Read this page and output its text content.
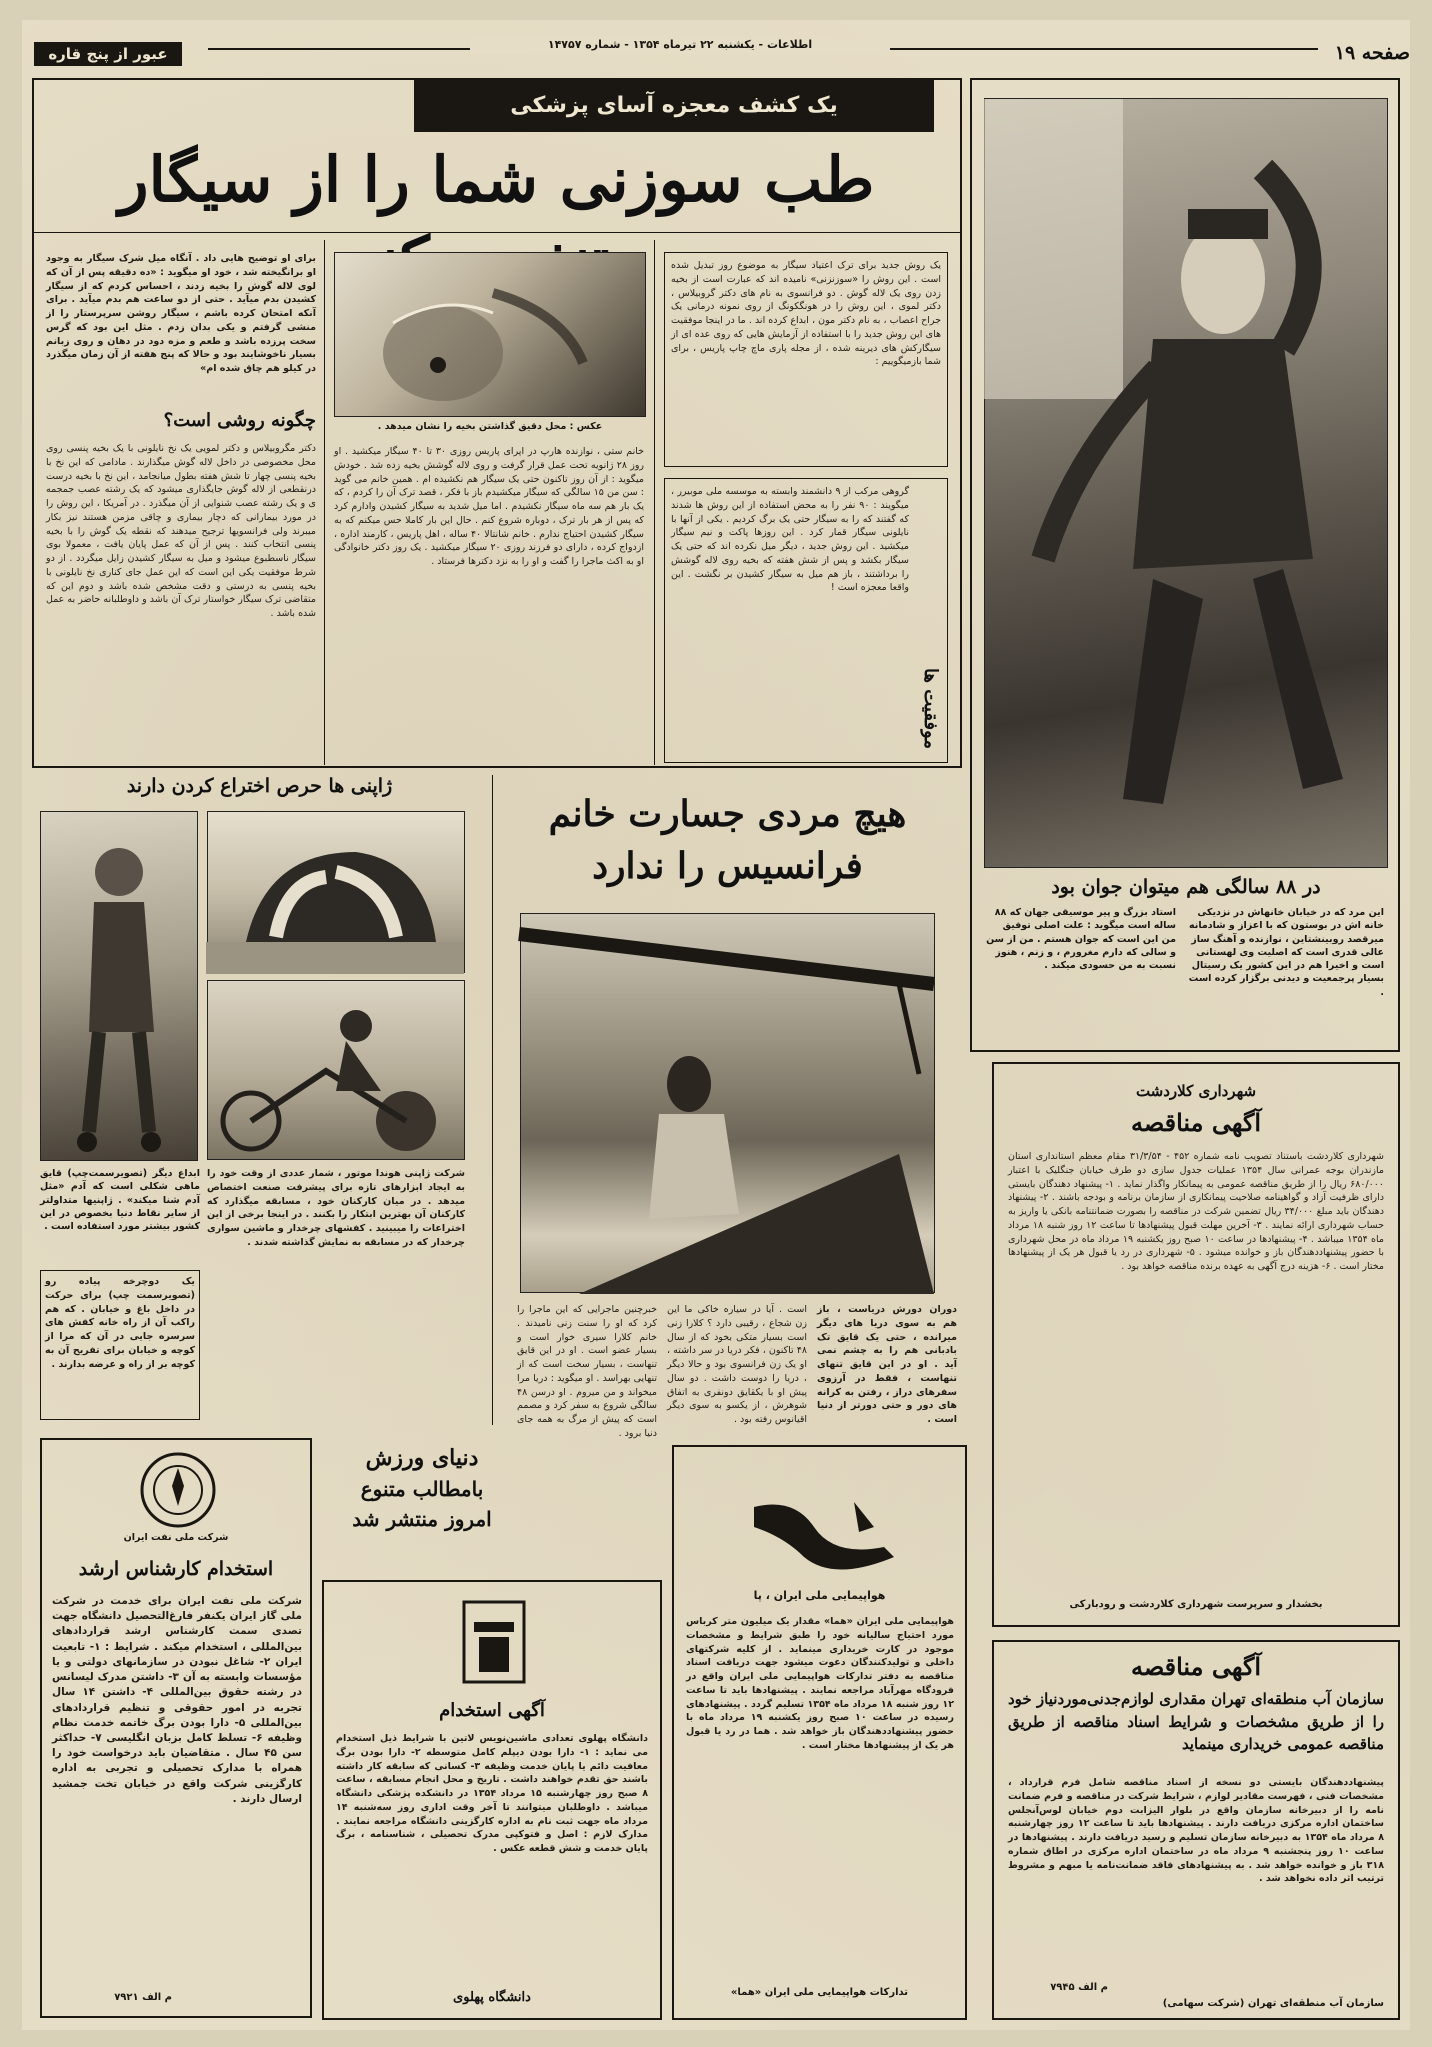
صفحه ۱۹
اطلاعات - یکشنبه ۲۲ تیرماه ۱۳۵۴ - شماره ۱۴۷۵۷
عبور از پنج قاره
یک کشف معجزه آسای پزشکی
طب سوزنی شما را از سیگار
یک روش جدید برای ترک اعتیاد سیگار به موضوع روز تبدیل شده است . این روش را «سوزنزنی» نامیده اند که عبارت است از بخیه زدن روی یک لاله گوش . دو فرانسوی به نام های دکتر گروبیلاس ، دکتر لموی ، این روش را در هونگکونگ از روی نمونه درمانی یک جراح اعصاب ، به نام دکتر مون ، ابداع کرده اند . ما در اینجا موفقیت های این روش جدید را با استفاده از آزمایش هایی که روی عده ای از سیگارکش های دیرینه شده ، از مجله پاری ماچ چاپ پاریس ، برای شما بازمیگوییم :
عکس : محل دقیق گذاشتن بخیه را نشان میدهد .
برای او توضیح هایی داد . آنگاه میل شرک سیگار به وجود او برانگیخته شد ، خود او میگوید : «ده دقیقه پس از آن که لوی لاله گوش را بخیه زدند ، احساس کردم که از سیگار کشیدن بدم میآید . حتی از دو ساعت هم بدم میآید . برای آنکه امتحان کرده باشم ، سیگار روشن سرپرستار را از منشی گرفتم و یکی بدان زدم . مثل این بود که گرس سخت پرزده باشد و طعم و مزه دود در دهان و روی زبانم بسیار ناخوشایند بود و حالا که پنج هفته از آن زمان میگذرد در کیلو هم چاق شده ام»
چگونه روشی است؟
دکتر مگروبیلاس و دکتر لمویی یک نخ نایلونی با یک بخیه پنسی روی محل مخصوصی در داخل لاله گوش میگذارند . مادامی که این نخ با بخیه پنسی چهار تا شش هفته بطول میانجامد ، این نخ با بخیه درست درنقطعی از لاله گوش جایگذاری میشود که یک رشته عصب جمجمه ی و یک رشته عصب شنوایی از آن میگذرد . در آمریکا ، این روش را در مورد بیمارانی که دچار بیماری و چاقی مزمن هستند نیز بکار میبرند ولی فرانسویها ترجیح میدهند که نقطه یک گوش را با بخیه پنسی انتخاب کنند . پس از آن که عمل پایان یافت ، معمولا بوی سیگار ناسطبوع میشود و میل به سیگار کشیدن زایل میگردد . از دو شرط موفقیت یکی این است که این عمل جای کناری نخ نایلونی با بخیه پنسی به درستی و دقت مشخص شده باشد و دوم این که متقاضی ترک سیگار خواستار ترک آن باشد و داوطلبانه حاضر به عمل شده باشد .
خانم ستی ، نوازنده هارپ در اپرای پاریس روزی ۳۰ تا ۴۰ سیگار میکشید . او روز ۲۸ ژانویه تحت عمل قرار گرفت و روی لاله گوشش بخیه زده شد . خودش میگوید : از آن روز تاکنون حتی یک سیگار هم نکشیده ام . همین خانم می گوید : سن من ۱۵ سالگی که سیگار میکشیدم باز با فکر ، قصد ترک آن را کردم ، که یک بار هم سه ماه سیگار نکشیدم . اما میل شدید به سیگار کشیدن وادارم کرد که پس از هر بار ترک ، دوباره شروع کنم . حال این بار کاملا حس میکنم که به سیگار کشیدن احتیاج ندارم . خانم شانتالا ۴۰ ساله ، اهل پاریس ، کارمند اداره ، ازدواج کرده ، دارای دو فرزند روزی ۲۰ سیگار میکشید . یک روز دکتر خانوادگی او به اکث ماجرا را گفت و او را به نزد دکترها فرستاد .
موفقیت ها
گروهی مرکب از ۹ دانشمند وابسته به موسسه ملی موبیرر ، میگویند : ۹۰ نفر را به محض استفاده از این روش ها شدند که گفتند که را به سیگار حتی یک برگ کردیم . یکی از آنها با نایلونی سیگار قمار کرد . این روزها پاکت و نیم سیگار میکشید . این روش جدید ، دیگر میل نکرده اند که حتی یک سیگار بکشد و پس از شش هفته که بخیه روی لاله گوشش را برداشتند ، باز هم میل به سیگار کشیدن بر نگشت . این واقعا معجزه است !
در ۸۸ سالگی هم میتوان جوان بود
این مرد که در خیابان خانهاش در نزدیکی خانه اش در بوستون که با اعزاز و شادمانه میرقصد روبینشتاین ، نوازنده و آهنگ ساز عالی قدری است که اصلیت وی لهستانی است و اخیرا هم در این کشور یک رسیتال بسیار پرجمعیت و دیدنی برگزار کرده است .
استاد بزرگ و پیر موسیقی جهان که ۸۸ ساله است میگوید : علت اصلی توفیق من این است که جوان هستم . من از سن و سالی که دارم مغرورم ، و زنم ، هنوز نسبت به من حسودی میکند .
ژاپنی ها حرص اختراع کردن دارند
ابداع دیگر (تصویرسمت‌چپ) قایق ماهی شکلی است که آدم «مثل آدم شنا میکند» . ژاپنیها متداولتر از سایر نقاط دنیا بخصوص در این کشور بیشتر مورد استفاده است .
شرکت ژاپنی هوندا موتور ، شمار عددی از وقت خود را به ایجاد ابزارهای تازه برای پیشرفت صنعت اختصاص میدهد . در میان کارکنان خود ، مسابقه میگذارد که کارکنان آن بهترین ابتکار را بکنند . در اینجا برخی از این اختراعات را میبینید . کفشهای چرخدار و ماشین سواری چرخدار که در مسابقه به نمایش گذاشته شدند .
یک دوچرخه پیاده رو (تصویرسمت چپ) برای حرکت در داخل باغ و خیابان . که هم راکب آن از راه خانه کفش های سرسره جایی در آن که مرا از کوچه و خیابان برای تفریح آن به کوچه بر از راه و عرضه بدارند .
هیچ مردی جسارت خانم
فرانسیس را ندارد
دوران دورش دریاست ، باز هم به سوی دریا های دیگر میرانده ، حتی یک قایق تک بادبانی هم را به چشم نمی آید . او در این قایق تنهای تنهاست ، فقط در آرزوی سفرهای دراز ، رفتن به کرانه های دور و حتی دورتر از دنیا است .
است . آیا در سیاره خاکی ما این زن شجاع ، رقیبی دارد ؟ کلارا زنی است بسیار متکی بخود که از سال ۴۸ تاکنون ، فکر دریا در سر داشته ، او یک زن فرانسوی بود و حالا دیگر ، دریا را دوست داشت . دو سال پیش او با یکقایق دونفری به اتفاق شوهرش ، از یکسو به سوی دیگر اقیانوس رفته بود .
خبرچنین ماجرایی که این ماجرا را کرد که او را سنت زنی نامیدند . خانم کلارا سیری خوار است و بسیار عضو است . او در این قایق تنهاست ، بسیار سخت است که از تنهایی بهراسد . او میگوید : دریا مرا میخواند و من میروم . او درسن ۴۸ سالگی شروع به سفر کرد و مصمم است که پیش از مرگ به همه جای دنیا برود .
دنیای ورزش
بامطالب متنوع
امروز منتشر شد
شرکت ملی نفت ایران
استخدام کارشناس ارشد
شرکت ملی نفت ایران برای خدمت در شرکت ملی گاز ایران یکنفر فارغ‌التحصیل دانشگاه جهت تصدی سمت کارشناس ارشد قراردادهای بین‌المللی ، استخدام میکند . شرایط : ۱- تابعیت ایران ۲- شاغل نبودن در سازمانهای دولتی و یا مؤسسات وابسته به آن ۳- داشتن مدرک لیسانس در رشته حقوق بین‌المللی ۴- داشتن ۱۴ سال تجربه در امور حقوقی و تنظیم قراردادهای بین‌المللی ۵- دارا بودن برگ خاتمه خدمت نظام وظیفه ۶- تسلط کامل بزبان انگلیسی ۷- حداکثر سن ۴۵ سال . متقاضیان باید درخواست خود را همراه با مدارک تحصیلی و تجربی به اداره کارگزینی شرکت واقع در خیابان تخت جمشید ارسال دارند .
م الف ۷۹۲۱
آگهی استخدام
دانشگاه پهلوی تعدادی ماشین‌نویس لاتین با شرایط ذیل استخدام می نماید : ۱- دارا بودن دیپلم کامل متوسطه ۲- دارا بودن برگ معافیت دائم یا پایان خدمت وظیفه ۳- کسانی که سابقه کار داشته باشند حق تقدم خواهند داشت . تاریخ و محل انجام مسابقه ، ساعت ۸ صبح روز چهارشنبه ۱۵ مرداد ۱۳۵۴ در دانشکده پزشکی دانشگاه میباشد . داوطلبان میتوانند تا آخر وقت اداری روز سه‌شنبه ۱۴ مرداد ماه جهت ثبت نام به اداره کارگزینی دانشگاه مراجعه نمایند . مدارک لازم : اصل و فتوکپی مدرک تحصیلی ، شناسنامه ، برگ پایان خدمت و شش قطعه عکس .
دانشگاه پهلوی
هواپیمایی ملی ایران ، پا
هواپیمایی ملی ایران «هما» مقدار یک میلیون متر کرباس مورد احتیاج سالیانه خود را طبق شرایط و مشخصات موجود در کارت خریداری مینماید . از کلیه شرکتهای داخلی و تولیدکنندگان دعوت میشود جهت دریافت اسناد مناقصه به دفتر تدارکات هواپیمایی ملی ایران واقع در فرودگاه مهرآباد مراجعه نمایند . پیشنهادها باید تا ساعت ۱۲ روز شنبه ۱۸ مرداد ماه ۱۳۵۴ تسلیم گردد . پیشنهادهای رسیده در ساعت ۱۰ صبح روز یکشنبه ۱۹ مرداد ماه با حضور پیشنهاددهندگان باز خواهد شد . هما در رد یا قبول هر یک از پیشنهادها مختار است .
تدارکات هواپیمایی ملی ایران «هما»
شهرداری کلاردشت
آگهی مناقصه
شهرداری کلاردشت باستناد تصویب نامه شماره ۴۵۲ - ۳۱/۳/۵۴ مقام معظم استانداری استان مازندران بوجه عمرانی سال ۱۳۵۴ عملیات جدول سازی دو طرف خیابان جنگلیک با اعتبار ۶۸۰/۰۰۰ ریال را از طریق مناقصه عمومی به پیمانکار واگذار نماید . ۱- پیشنهاد دهندگان بایستی دارای ظرفیت آزاد و گواهینامه صلاحیت پیمانکاری از سازمان برنامه و بودجه باشند . ۲- پیشنهاد دهندگان باید مبلغ ۳۴/۰۰۰ ریال تضمین شرکت در مناقصه را بصورت ضمانتنامه بانکی یا واریز به حساب شهرداری ارائه نمایند . ۳- آخرین مهلت قبول پیشنهادها تا ساعت ۱۲ روز شنبه ۱۸ مرداد ماه ۱۳۵۴ میباشد . ۴- پیشنهادها در ساعت ۱۰ صبح روز یکشنبه ۱۹ مرداد ماه در محل شهرداری با حضور پیشنهاددهندگان باز و خوانده میشود . ۵- شهرداری در رد یا قبول هر یک از پیشنهادها مختار است . ۶- هزینه درج آگهی به عهده برنده مناقصه خواهد بود .
بخشدار و سرپرست شهرداری کلاردشت و رودبارکی
آگهی مناقصه
سازمان آب منطقه‌ای تهران مقداری لوازم‌جدنی‌موردنیاز خود را از طریق مشخصات و شرایط اسناد مناقصه از طریق مناقصه عمومی خریداری مینماید
پیشنهاددهندگان بایستی دو نسخه از اسناد مناقصه شامل فرم قرارداد ، مشخصات فنی ، فهرست مقادیر لوازم ، شرایط شرکت در مناقصه و فرم ضمانت نامه را از دبیرخانه سازمان واقع در بلوار الیزابت دوم خیابان لوس‌آنجلس ساختمان اداره مرکزی دریافت دارند . پیشنهادها باید تا ساعت ۱۲ روز چهارشنبه ۸ مرداد ماه ۱۳۵۴ به دبیرخانه سازمان تسلیم و رسید دریافت دارند . پیشنهادها در ساعت ۱۰ روز پنجشنبه ۹ مرداد ماه در ساختمان اداره مرکزی در اطاق شماره ۳۱۸ باز و خوانده خواهد شد . به پیشنهادهای فاقد ضمانت‌نامه یا مبهم و مشروط ترتیب اثر داده نخواهد شد .
م الف ۷۹۴۵
سازمان آب منطقه‌ای تهران (شرکت سهامی)
